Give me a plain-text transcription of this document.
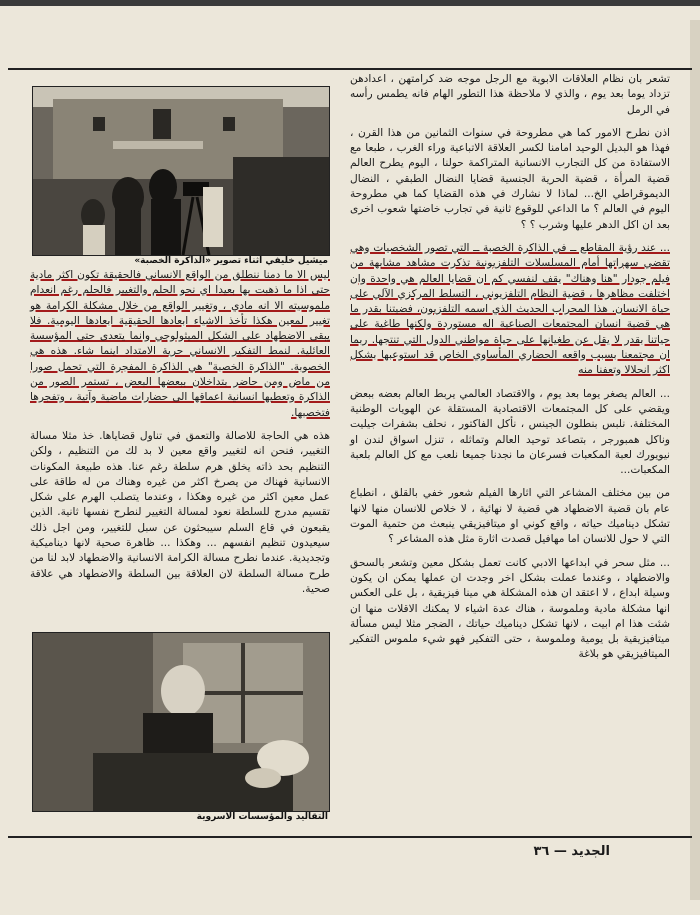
تشعر بان نظام العلاقات الابوية مع الرجل موجه ضد كرامتهن ، اعدادهن تزداد يوما بعد يوم ، والذي لا ملاحظة هذا التطور الهام فانه يطمس رأسه في الرمل

اذن نطرح الامور كما هي مطروحة في سنوات الثمانين من هذا القرن ، فهذا هو البديل الوحيد امامنا لكسر العلاقة الاتباعية وراء الغرب ، طبعا مع الاستفادة من كل التجارب الانسانية المتراكمة حولنا ، اليوم يطرح العالم قضية المرأة ، قضية الحرية الجنسية قضايا النضال الطبقي ، النضال الديموقراطي الخ... لماذا لا نشارك في هذه القضايا كما هي مطروحة اليوم في العالم ؟ ما الداعي للوقوع ثانية في تجارب خاضتها شعوب اخرى بعد ان اكل الدهر عليها وشرب ؟ ؟

... عند رؤية المقاطع ــ في الذاكرة الخصبة ــ التي تصور الشخصيات وهي تقضي سهراتها أمام المسلسلات التلفزيونية تذكرت مشاهد مشابهة من فيلم جودار "هنا وهناك" يقف لنفسي كم ان قضايا العالم هي واحدة وان اختلفت مظاهرها ، قضية النظام التلفزيوني ، التسلط المركزي الآلي على حياة الانسان. هذا المحراب الحديث الذي اسمه التلفزيون، فضيتنا بقدر ما هي قضية انسان المجتمعات الصناعية اله مستوردة ولكنها طاغية على حياتنا بقدر لا يقل عن طغيانها على حياة مواطني الدول التي تنتجها. ربما ان مجتمعنا بسبب واقعه الحضاري المأساوي الخاص قد استوعبها بشكل اكثر انحلالا وتعفنا منه

... العالم يصغر يوما بعد يوم ، والاقتصاد العالمي يربط العالم بعضه ببعض ويقضي على كل المجتمعات الاقتصادية المستقلة عن الهويات الوطنية المختلفة. نلبس بنطلون الجينس ، نأكل الفاكتور ، نحلف بشفرات جيليت وناكل همبورجر ، بتصاعد توحيد العالم وتماثله ، تنزل اسواق لندن او نيويورك لعبة المكعبات فسرعان ما نجدنا جميعا نلعب مع كل العالم بلعبة المكعبات...

من بين مختلف المشاعر التي اثارها الفيلم شعور خفي بالقلق ، انطباع عام بان قضية الاضطهاد هي قضية لا نهائية ، لا خلاص للانسان منها لانها تشكل ديناميك حياته ، واقع كوني او ميتافيزيقي ينبعث من حتمية الموت التي لا حول للانسان اما مهافيل قصدت اثارة مثل هذه المشاعر ؟

... مثل سحر في ابداعها الادبي كانت تعمل بشكل معين وتشعر بالسحق والاضطهاد ، وعندما عملت بشكل اخر وجدت ان عملها يمكن ان يكون وسيلة ابداع ، لا اعتقد ان هذه المشكلة هي مينا فيزيقية ، بل على العكس انها مشكلة مادية وملموسة ، هناك عدة اشياء لا يمكنك الاقلات منها ان شئت هذا ام ابيت ، لانها تشكل ديناميك حياتك ، الضجر مثلا ليس مسألة ميتافيزيقية بل يومية وملموسة ، حتى التفكير فهو شيء ملموس التفكير الميتافيزيقي هو بلاغة

ميشيل خليفي اثناء تصوير «الذاكرة الخصبة»

ليس الا ما دمنا ننطلق من الواقع الانساني فالحقيقة تكون اكثر مادية حتى اذا ما ذهبت بها بعيدا اي نحو الحلم والتغيير فالحلم رغم انعدام ملموسيته الا انه مادي ، وتغيير الواقع من خلال مشكلة الكرامة هو تغيير لمعين هكذا تأخذ الاشياء ابعادها الحقيقية ابعادها اليومية. فلا يبقى الاضطهاد على الشكل الميثولوجي وانما يتعدى حتى المؤسسة العائلية. لنمط التفكير الانساني حرية الامتداد اينما شاء. هذه هي الخصوبة. "الذاكرة الخصبة" هي الذاكرة المفجرة التي تحمل صورا من ماض ومن حاضر بتداخلان ببعضها البعض ، تستمر الصور من الذاكرة وتعطيها انسانية اعماقها الى حضارات ماضية وآتية ، وتفجرها فتخصبها.

هذه هي الحاجة للاصالة والتعمق في تناول قضاياها. خذ مثلا مسالة التغيير، فنحن انه لتغيير واقع معين لا بد لك من التنظيم ، ولكن التنظيم بحد ذاته يخلق هرم سلطة رغم عنا. هذه طبيعة المكونات الانسانية فهناك من يصرخ اكثر من غيره وهناك من له طاقة على عمل معين اكثر من غيره وهكذا ، وعندما يتصلب الهرم على شكل تقسيم مدرج للسلطة نعود لمسالة التغيير لنطرح نفسها ثانية. الذين يقبعون في قاع السلم سيبحثون عن سبل للتغيير، ومن اجل ذلك سيعيدون تنظيم انفسهم ... وهكذا ... ظاهرة صحية لانها ديناميكية وتجديدية. عندما نطرح مسالة الكرامة الانسانية والاضطهاد لابد لنا من طرح مسالة السلطة لان العلاقة بين السلطة والاضطهاد هي علاقة صحية.

التقاليد والمؤسسات الاسروية
الجديد — ٣٦
